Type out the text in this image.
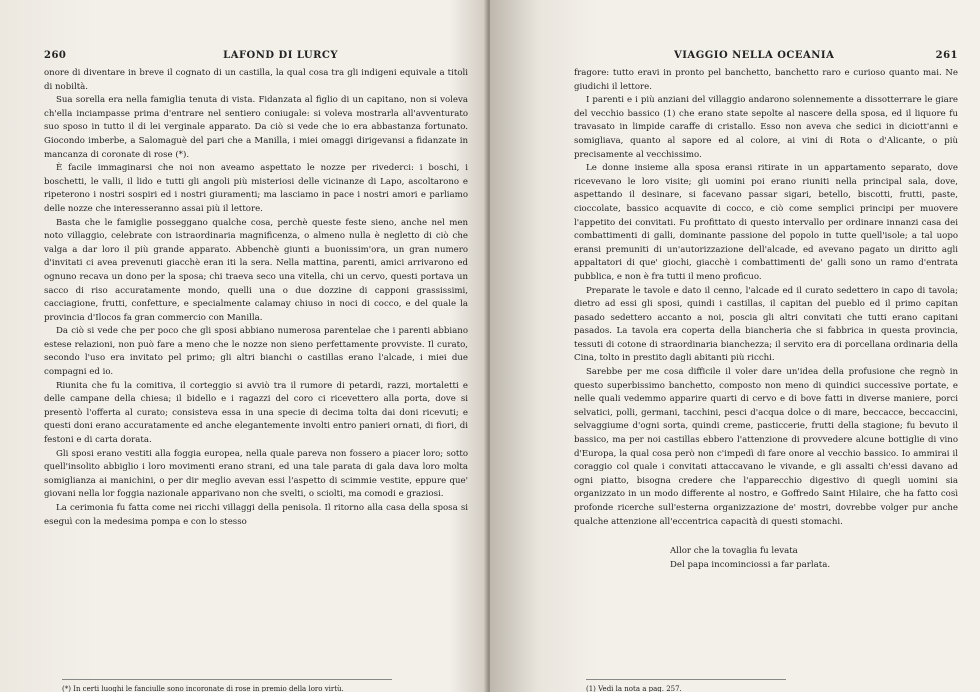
260	LAFOND DI LURCY

onore di diventare in breve il cognato di un castilla, la qual cosa tra gli indigeni equivale a titoli di nobiltà.

Sua sorella era nella famiglia tenuta di vista. Fidanzata al figlio di un capitano, non si voleva ch'ella inciampasse prima d'entrare nel sentiero coniugale: si voleva mostrarla all'avventurato suo sposo in tutto il di lei verginale apparato. Da ciò si vede che io era abbastanza fortunato. Giocondo imberbe, a Salomaguè del pari che a Manilla, i miei omaggi dirigevansi a fidanzate in mancanza di coronate di rose (*).

È facile immaginarsi che noi non aveamo aspettato le nozze per rivederci: i boschi, i boschetti, le valli, il lido e tutti gli angoli più misteriosi delle vicinanze di Lapo, ascoltarono e ripeterono i nostri sospiri ed i nostri giuramenti; ma lasciamo in pace i nostri amori e parliamo delle nozze che interesseranno assai più il lettore.

Basta che le famiglie posseggano qualche cosa, perchè queste feste sieno, anche nel men noto villaggio, celebrate con istraordinaria magnificenza, o almeno nulla è negletto di ciò che valga a dar loro il più grande apparato. Abbenchè giunti a buonissim'ora, un gran numero d'invitati ci avea prevenuti giacchè eran iti la sera. Nella mattina, parenti, amici arrivarono ed ognuno recava un dono per la sposa; chi traeva seco una vitella, chi un cervo, questi portava un sacco di riso accuratamente mondo, quelli una o due dozzine di capponi grassissimi, cacciagione, frutti, confetture, e specialmente calamay chiuso in noci di cocco, e del quale la provincia d'Ilocos fa gran commercio con Manilla.

Da ciò si vede che per poco che gli sposi abbiano numerosa parentelae che i parenti abbiano estese relazioni, non può fare a meno che le nozze non sieno perfettamente provviste. Il curato, secondo l'uso era invitato pel primo; gli altri bianchi o castillas erano l'alcade, i miei due compagni ed io.

Riunita che fu la comitiva, il corteggio si avviò tra il rumore di petardi, razzi, mortaletti e delle campane della chiesa; il bidello e i ragazzi del coro ci ricevettero alla porta, dove si presentò l'offerta al curato; consisteva essa in una specie di decima tolta dai doni ricevuti; e questi doni erano accuratamente ed anche elegantemente involti entro panieri ornati, di fiori, di festoni e di carta dorata.

Gli sposi erano vestiti alla foggia europea, nella quale pareva non fossero a piacer loro; sotto quell'insolito abbiglio i loro movimenti erano strani, ed una tale parata di gala dava loro molta somiglianza ai manichini, o per dir meglio avevan essi l'aspetto di scimmie vestite, eppure que' giovani nella lor foggia nazionale apparivano non che svelti, o sciolti, ma comodi e graziosi.

La cerimonia fu fatta come nei ricchi villaggi della penisola. Il ritorno alla casa della sposa si eseguì con la medesima pompa e con lo stesso

(*) In certi luoghi le fanciulle sono incoronate di rose in premio della loro virtù.
VIAGGIO NELLA OCEANIA	261

fragore: tutto eravi in pronto pel banchetto, banchetto raro e curioso quanto mai. Ne giudichi il lettore.

I parenti e i più anziani del villaggio andarono solennemente a dissotterrare le giare del vecchio bassico (1) che erano state sepolte al nascere della sposa, ed il liquore fu travasato in limpide caraffe di cristallo. Esso non aveva che sedici in diciott'anni e somigliava, quanto al sapore ed al colore, ai vini di Rota o d'Alicante, o più precisamente al vecchissimo.

Le donne insieme alla sposa eransi ritirate in un appartamento separato, dove ricevevano le loro visite; gli uomini poi erano riuniti nella principal sala, dove, aspettando il desinare, si facevano passar sigari, betello, biscotti, frutti, paste, cioccolate, bassico acquavite di cocco, e ciò come semplici principi per muovere l'appetito dei convitati. Fu profittato di questo intervallo per ordinare innanzi casa dei combattimenti di galli, dominante passione del popolo in tutte quell'isole; a tal uopo eransi premuniti di un'autorizzazione dell'alcade, ed avevano pagato un diritto agli appaltatori di que' giochi, giacchè i combattimenti de' galli sono un ramo d'entrata pubblica, e non è fra tutti il meno proficuo.

Preparate le tavole e dato il cenno, l'alcade ed il curato sedettero in capo di tavola; dietro ad essi gli sposi, quindi i castillas, il capitan del pueblo ed il primo capitan pasado sedettero accanto a noi, poscia gli altri convitati che tutti erano capitani pasados. La tavola era coperta della biancheria che si fabbrica in questa provincia, tessuti di cotone di straordinaria bianchezza; il servito era di porcellana ordinaria della Cina, tolto in prestito dagli abitanti più ricchi.

Sarebbe per me cosa difficile il voler dare un'idea della profusione che regnò in questo superbissimo banchetto, composto non meno di quindici successive portate, e nelle quali vedemmo apparire quarti di cervo e di bove fatti in diverse maniere, porci selvatici, polli, germani, tacchini, pesci d'acqua dolce o di mare, beccacce, beccaccini, selvaggiume d'ogni sorta, quindi creme, pasticcerie, frutti della stagione; fu bevuto il bassico, ma per noi castillas ebbero l'attenzione di provvedere alcune bottiglie di vino d'Europa, la qual cosa però non c'impedì di fare onore al vecchio bassico. Io ammirai il coraggio col quale i convitati attaccavano le vivande, e gli assalti ch'essi davano ad ogni piatto, bisogna credere che l'apparecchio digestivo di quegli uomini sia organizzato in un modo differente al nostro, e Goffredo Saint Hilaire, che ha fatto così profonde ricerche sull'esterna organizzazione de' mostri, dovrebbe volger pur anche qualche attenzione all'eccentrica capacità di questi stomachi.

Allor che la tovaglia fu levata
Del papa incominciossi a far parlata.
(1) Vedi la nota a pag. 257.
